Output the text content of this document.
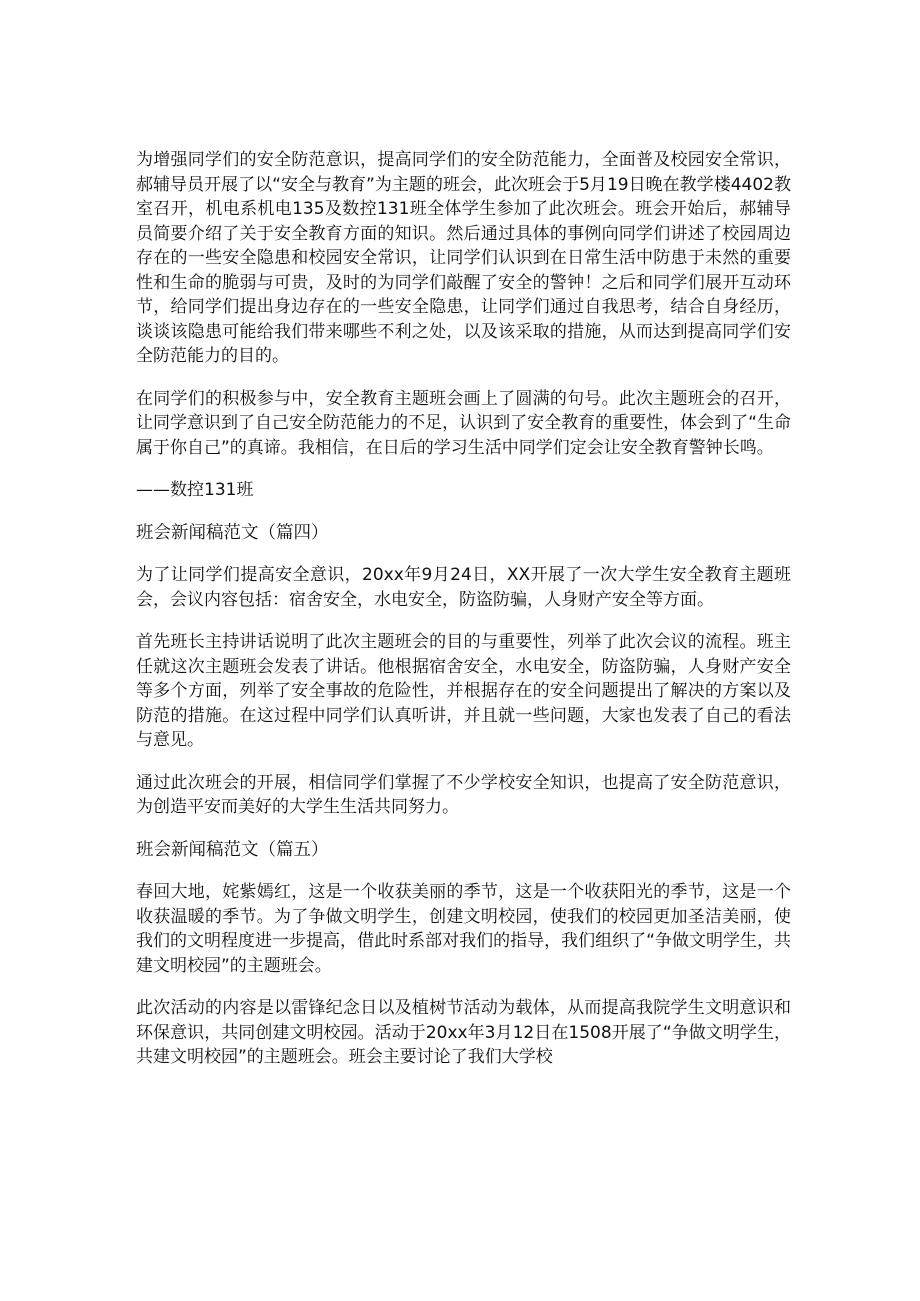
为增强同学们的安全防范意识，提高同学们的安全防范能力，全面普及校园安全常识，郝辅导员开展了以“安全与教育”为主题的班会，此次班会于5月19日晚在教学楼4402教室召开，机电系机电135及数控131班全体学生参加了此次班会。班会开始后，郝辅导员简要介绍了关于安全教育方面的知识。然后通过具体的事例向同学们讲述了校园周边存在的一些安全隐患和校园安全常识，让同学们认识到在日常生活中防患于未然的重要性和生命的脆弱与可贵，及时的为同学们敲醒了安全的警钟！之后和同学们展开互动环节，给同学们提出身边存在的一些安全隐患，让同学们通过自我思考，结合自身经历，谈谈该隐患可能给我们带来哪些不利之处，以及该采取的措施，从而达到提高同学们安全防范能力的目的。

在同学们的积极参与中，安全教育主题班会画上了圆满的句号。此次主题班会的召开，让同学意识到了自己安全防范能力的不足，认识到了安全教育的重要性，体会到了“生命属于你自己”的真谛。我相信，在日后的学习生活中同学们定会让安全教育警钟长鸣。

——数控131班

班会新闻稿范文（篇四）

为了让同学们提高安全意识，20xx年9月24日，XX开展了一次大学生安全教育主题班会，会议内容包括：宿舍安全，水电安全，防盗防骗，人身财产安全等方面。

首先班长主持讲话说明了此次主题班会的目的与重要性，列举了此次会议的流程。班主任就这次主题班会发表了讲话。他根据宿舍安全，水电安全，防盗防骗，人身财产安全等多个方面，列举了安全事故的危险性，并根据存在的安全问题提出了解决的方案以及防范的措施。在这过程中同学们认真听讲，并且就一些问题，大家也发表了自己的看法与意见。

通过此次班会的开展，相信同学们掌握了不少学校安全知识，也提高了安全防范意识，为创造平安而美好的大学生生活共同努力。

班会新闻稿范文（篇五）

春回大地，姹紫嫣红，这是一个收获美丽的季节，这是一个收获阳光的季节，这是一个收获温暖的季节。为了争做文明学生，创建文明校园，使我们的校园更加圣洁美丽，使我们的文明程度进一步提高，借此时系部对我们的指导，我们组织了“争做文明学生，共建文明校园”的主题班会。

此次活动的内容是以雷锋纪念日以及植树节活动为载体，从而提高我院学生文明意识和环保意识，共同创建文明校园。活动于20xx年3月12日在1508开展了“争做文明学生，共建文明校园”的主题班会。班会主要讨论了我们大学校
